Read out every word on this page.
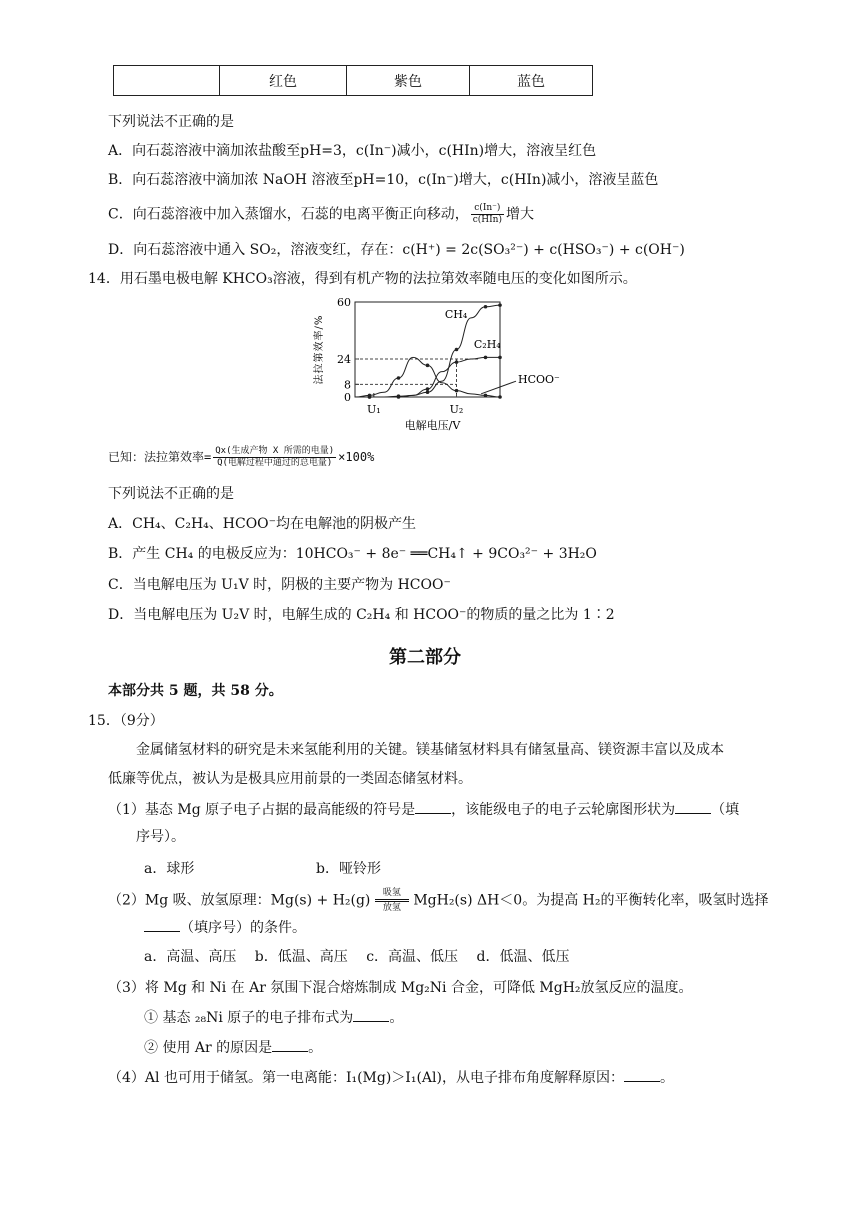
	红色	紫色	蓝色
下列说法不正确的是
A．向石蕊溶液中滴加浓盐酸至pH=3，c(In⁻)减小，c(HIn)增大，溶液呈红色
B．向石蕊溶液中滴加浓 NaOH 溶液至pH=10，c(In⁻)增大，c(HIn)减小，溶液呈蓝色
C．向石蕊溶液中加入蒸馏水，石蕊的电离平衡正向移动， $\frac{c(In^-)}{\text{c(HIn)}}$ 增大
D．向石蕊溶液中通入 SO₂，溶液变红，存在：c(H⁺) = 2c(SO₃²⁻) + c(HSO₃⁻) + c(OH⁻)
14．用石墨电极电解 KHCO₃溶液，得到有机产物的法拉第效率随电压的变化如图所示。
0
8
24
60
法拉第效率/%
电解电压/V
U₁	U₂
CH₄
C₂H₄
HCOO⁻
已知：法拉第效率= $\frac{\text{Qx(生成产物 X 所需的电量)}}{\text{Q(电解过程中通过的总电量)}} \times 100\%$
下列说法不正确的是
A．CH₄、C₂H₄、HCOO⁻均在电解池的阴极产生
B．产生 CH₄ 的电极反应为：10HCO₃⁻ + 8e⁻ ══CH₄↑ + 9CO₃²⁻ + 3H₂O
C．当电解电压为 U₁V 时，阴极的主要产物为 HCOO⁻
D．当电解电压为 U₂V 时，电解生成的 C₂H₄ 和 HCOO⁻的物质的量之比为 1∶2
第二部分
本部分共 5 题，共 58 分。
15．（9分）
金属储氢材料的研究是未来氢能利用的关键。镁基储氢材料具有储氢量高、镁资源丰富以及成本
低廉等优点，被认为是极具应用前景的一类固态储氢材料。
（1）基态 Mg 原子电子占据的最高能级的符号是	，该能级电子的电子云轮廓图形状为	（填
序号）。
a．球形	b．哑铃形
（2）Mg 吸、放氢原理：Mg(s) + H₂(g) 吸氢
放氢 MgH₂(s) ΔH＜0。为提高 H₂的平衡转化率，吸氢时选择
（填序号）的条件。
a．高温、高压　 b．低温、高压　 c．高温、低压　 d．低温、低压
（3）将 Mg 和 Ni 在 Ar 氛围下混合熔炼制成 Mg₂Ni 合金，可降低 MgH₂放氢反应的温度。
① 基态 ₂₈Ni 原子的电子排布式为	。
② 使用 Ar 的原因是	。
（4）Al 也可用于储氢。第一电离能：I₁(Mg)＞I₁(Al)，从电子排布角度解释原因：	。
